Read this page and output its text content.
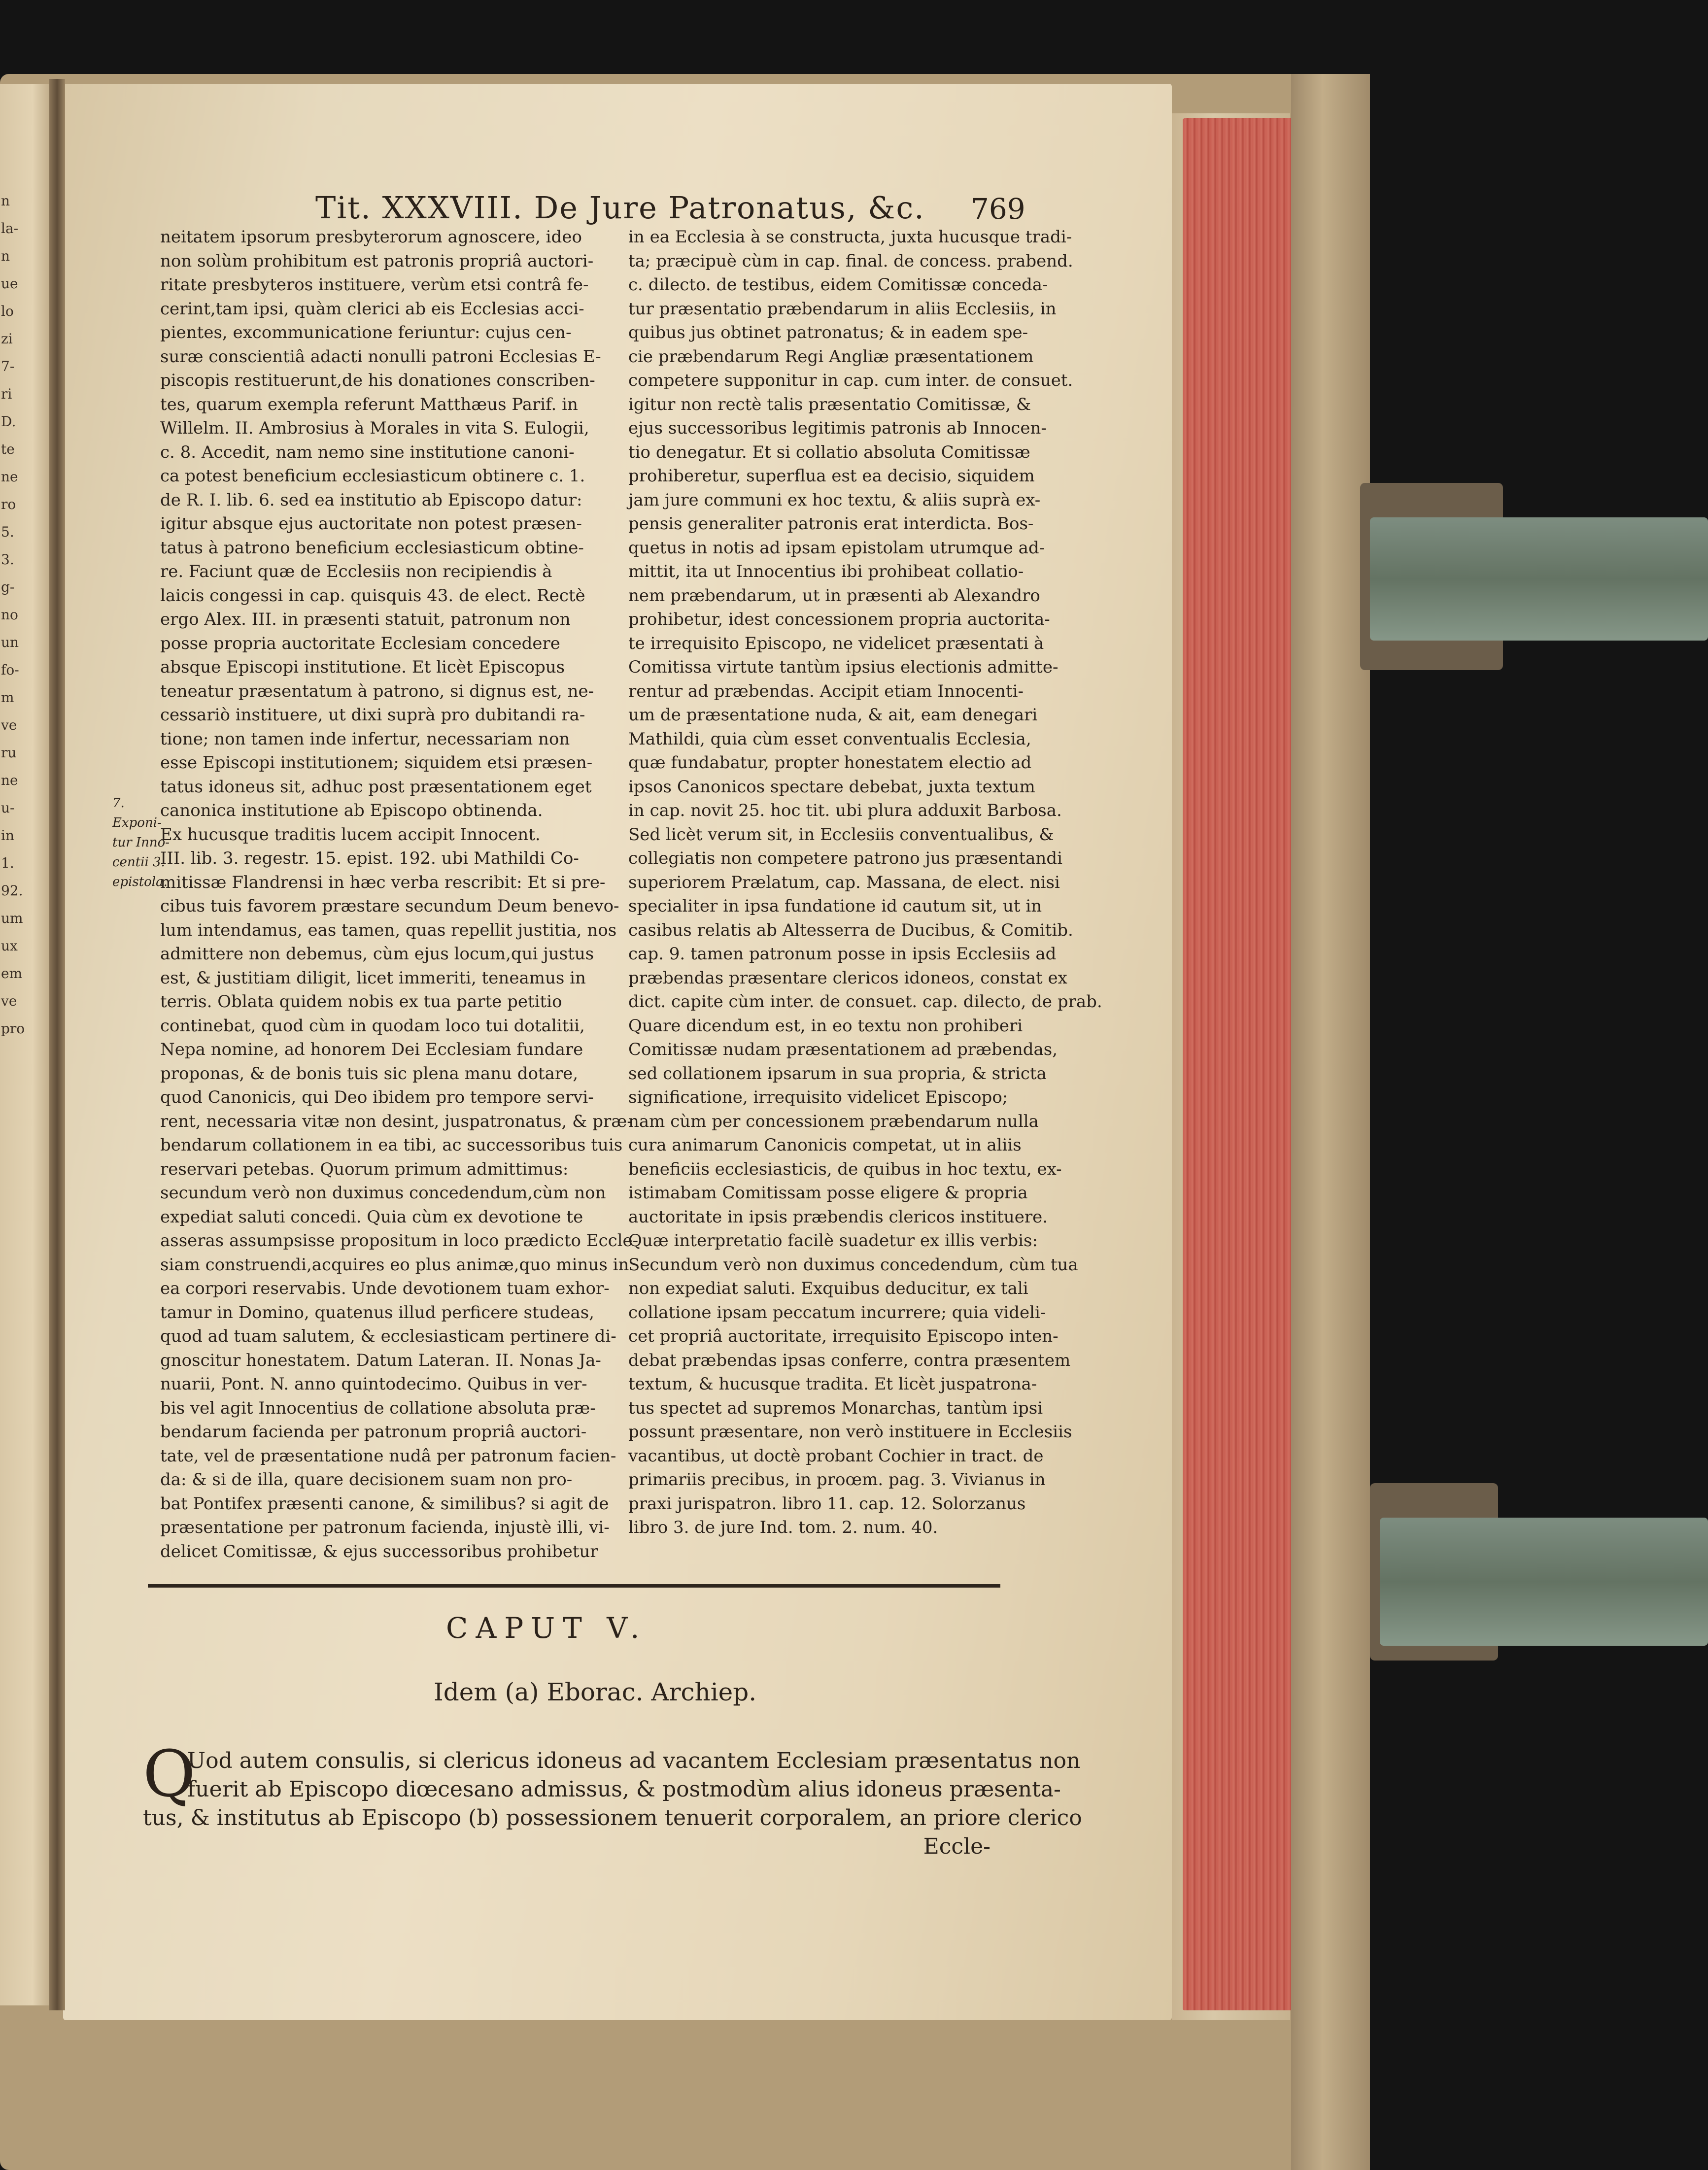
n
la-
n
ue
lo
zi
7-
ri
D.
te
ne
ro
5.
3.
g-
no
un
fo-
m
ve
ru
ne
u-
in
1.
92.
um
ux
em
ve
pro
Tit. XXXVIII. De Jure Patronatus, &c. 769
neitatem ipsorum presbyterorum agnoscere, ideo
non solùm prohibitum est patronis propriâ auctori-
ritate presbyteros instituere, verùm etsi contrâ fe-
cerint,tam ipsi, quàm clerici ab eis Ecclesias acci-
pientes, excommunicatione feriuntur: cujus cen-
suræ conscientiâ adacti nonulli patroni Ecclesias E-
piscopis restituerunt,de his donationes conscriben-
tes, quarum exempla referunt Matthæus Parif. in
Willelm. II. Ambrosius à Morales in vita S. Eulogii,
c. 8. Accedit, nam nemo sine institutione canoni-
ca potest beneficium ecclesiasticum obtinere c. 1.
de R. I. lib. 6. sed ea institutio ab Episcopo datur:
igitur absque ejus auctoritate non potest præsen-
tatus à patrono beneficium ecclesiasticum obtine-
re. Faciunt quæ de Ecclesiis non recipiendis à
laicis congessi in cap. quisquis 43. de elect. Rectè
ergo Alex. III. in præsenti statuit, patronum non
posse propria auctoritate Ecclesiam concedere
absque Episcopi institutione. Et licèt Episcopus
teneatur præsentatum à patrono, si dignus est, ne-
cessariò instituere, ut dixi suprà pro dubitandi ra-
tione; non tamen inde infertur, necessariam non
esse Episcopi institutionem; siquidem etsi præsen-
tatus idoneus sit, adhuc post præsentationem eget
canonica institutione ab Episcopo obtinenda.
Ex hucusque traditis lucem accipit Innocent.
III. lib. 3. regestr. 15. epist. 192. ubi Mathildi Co-
mitissæ Flandrensi in hæc verba rescribit: Et si pre-
cibus tuis favorem præstare secundum Deum benevo-
lum intendamus, eas tamen, quas repellit justitia, nos
admittere non debemus, cùm ejus locum,qui justus
est, & justitiam diligit, licet immeriti, teneamus in
terris. Oblata quidem nobis ex tua parte petitio
continebat, quod cùm in quodam loco tui dotalitii,
Nepa nomine, ad honorem Dei Ecclesiam fundare
proponas, & de bonis tuis sic plena manu dotare,
quod Canonicis, qui Deo ibidem pro tempore servi-
rent, necessaria vitæ non desint, juspatronatus, & præ-
bendarum collationem in ea tibi, ac successoribus tuis
reservari petebas. Quorum primum admittimus:
secundum verò non duximus concedendum,cùm non
expediat saluti concedi. Quia cùm ex devotione te
asseras assumpsisse propositum in loco prædicto Eccle-
siam construendi,acquires eo plus animæ,quo minus in
ea corpori reservabis. Unde devotionem tuam exhor-
tamur in Domino, quatenus illud perficere studeas,
quod ad tuam salutem, & ecclesiasticam pertinere di-
gnoscitur honestatem. Datum Lateran. II. Nonas Ja-
nuarii, Pont. N. anno quintodecimo. Quibus in ver-
bis vel agit Innocentius de collatione absoluta præ-
bendarum facienda per patronum propriâ auctori-
tate, vel de præsentatione nudâ per patronum facien-
da: & si de illa, quare decisionem suam non pro-
bat Pontifex præsenti canone, & similibus? si agit de
præsentatione per patronum facienda, injustè illi, vi-
delicet Comitissæ, & ejus successoribus prohibetur
in ea Ecclesia à se constructa, juxta hucusque tradi-
ta; præcipuè cùm in cap. final. de concess. prabend.
c. dilecto. de testibus, eidem Comitissæ conceda-
tur præsentatio præbendarum in aliis Ecclesiis, in
quibus jus obtinet patronatus; & in eadem spe-
cie præbendarum Regi Angliæ præsentationem
competere supponitur in cap. cum inter. de consuet.
igitur non rectè talis præsentatio Comitissæ, &
ejus successoribus legitimis patronis ab Innocen-
tio denegatur. Et si collatio absoluta Comitissæ
prohiberetur, superflua est ea decisio, siquidem
jam jure communi ex hoc textu, & aliis suprà ex-
pensis generaliter patronis erat interdicta. Bos-
quetus in notis ad ipsam epistolam utrumque ad-
mittit, ita ut Innocentius ibi prohibeat collatio-
nem præbendarum, ut in præsenti ab Alexandro
prohibetur, idest concessionem propria auctorita-
te irrequisito Episcopo, ne videlicet præsentati à
Comitissa virtute tantùm ipsius electionis admitte-
rentur ad præbendas. Accipit etiam Innocenti-
um de præsentatione nuda, & ait, eam denegari
Mathildi, quia cùm esset conventualis Ecclesia,
quæ fundabatur, propter honestatem electio ad
ipsos Canonicos spectare debebat, juxta textum
in cap. novit 25. hoc tit. ubi plura adduxit Barbosa.
Sed licèt verum sit, in Ecclesiis conventualibus, &
collegiatis non competere patrono jus præsentandi
superiorem Prælatum, cap. Massana, de elect. nisi
specialiter in ipsa fundatione id cautum sit, ut in
casibus relatis ab Altesserra de Ducibus, & Comitib.
cap. 9. tamen patronum posse in ipsis Ecclesiis ad
præbendas præsentare clericos idoneos, constat ex
dict. capite cùm inter. de consuet. cap. dilecto, de prab.
Quare dicendum est, in eo textu non prohiberi
Comitissæ nudam præsentationem ad præbendas,
sed collationem ipsarum in sua propria, & stricta
significatione, irrequisito videlicet Episcopo;
nam cùm per concessionem præbendarum nulla
cura animarum Canonicis competat, ut in aliis
beneficiis ecclesiasticis, de quibus in hoc textu, ex-
istimabam Comitissam posse eligere & propria
auctoritate in ipsis præbendis clericos instituere.
Quæ interpretatio facilè suadetur ex illis verbis:
Secundum verò non duximus concedendum, cùm tua
non expediat saluti. Exquibus deducitur, ex tali
collatione ipsam peccatum incurrere; quia videli-
cet propriâ auctoritate, irrequisito Episcopo inten-
debat præbendas ipsas conferre, contra præsentem
textum, & hucusque tradita. Et licèt juspatrona-
tus spectet ad supremos Monarchas, tantùm ipsi
possunt præsentare, non verò instituere in Ecclesiis
vacantibus, ut doctè probant Cochier in tract. de
primariis precibus, in proœm. pag. 3. Vivianus in
praxi jurispatron. libro 11. cap. 12. Solorzanus
libro 3. de jure Ind. tom. 2. num. 40.
7.
Exponi-
tur Inno-
centii 3.
epistola.
CAPUT V.
Idem (a) Eborac. Archiep.
Q
Uod autem consulis, si clericus idoneus ad vacantem Ecclesiam præsentatus non
fuerit ab Episcopo diœcesano admissus, & postmodùm alius idoneus præsenta-
tus, & institutus ab Episcopo (b) possessionem tenuerit corporalem, an priore clerico
Eccle-
